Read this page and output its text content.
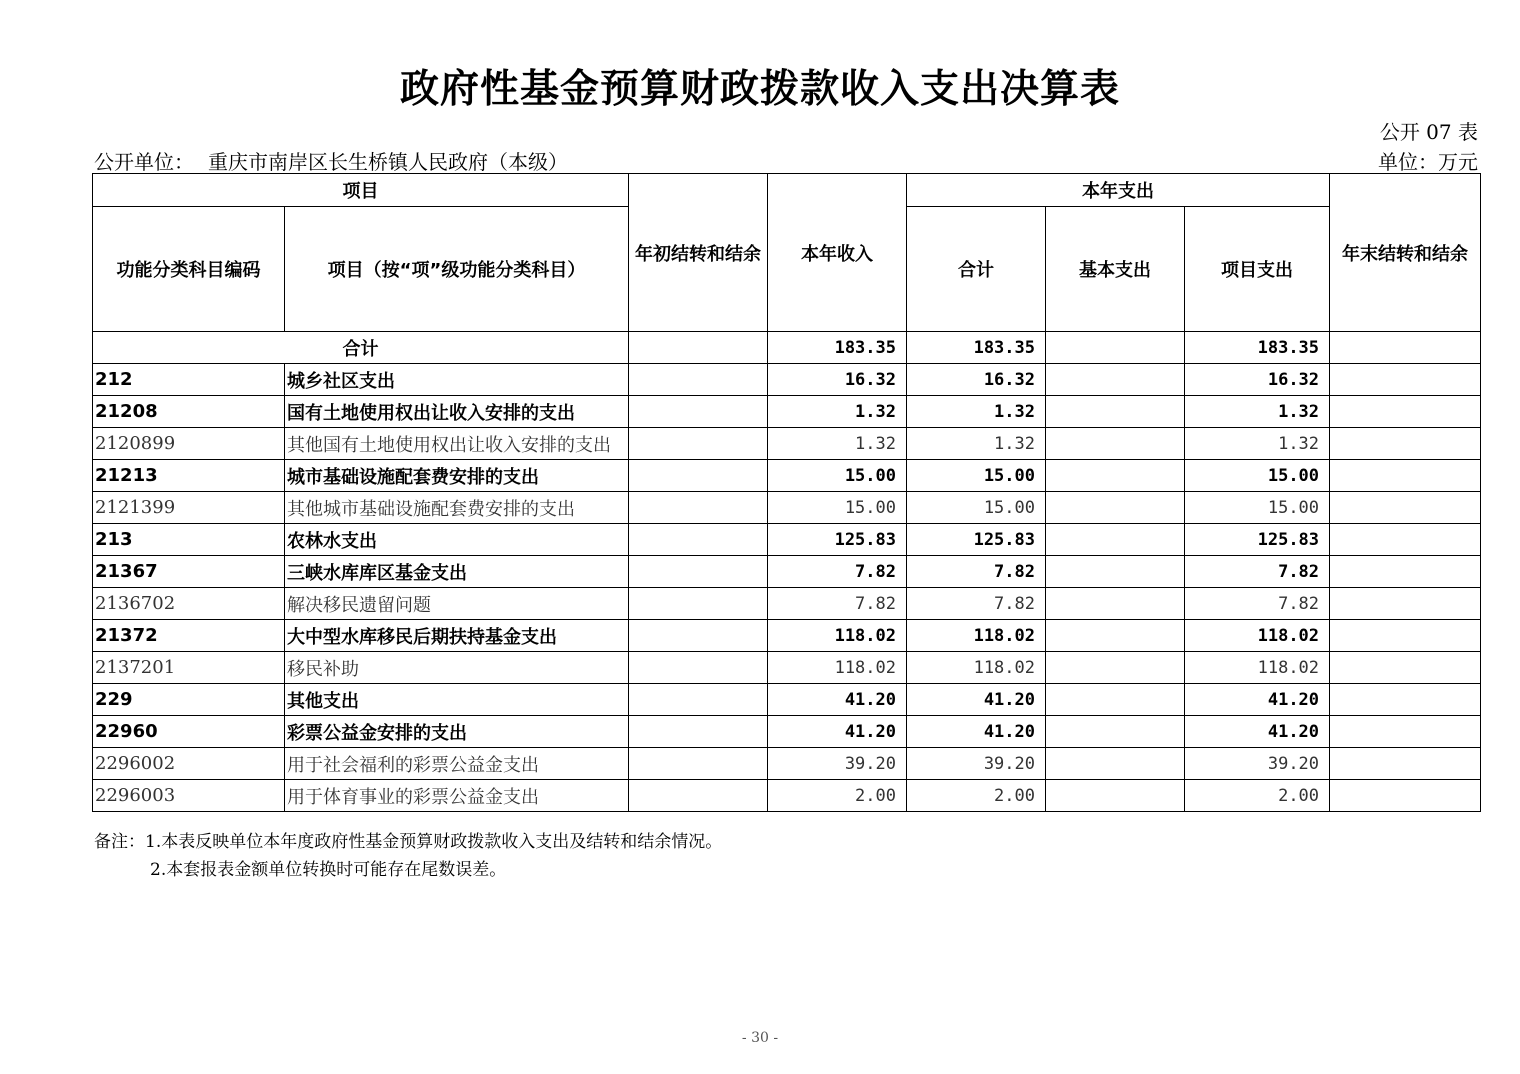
政府性基金预算财政拨款收入支出决算表
公开 07 表
公开单位： 重庆市南岸区长生桥镇人民政府（本级）	单位：万元
项目		年初结转和结余	本年收入	本年支出			年末结转和结余
功能分类科目编码	项目（按“项”级功能分类科目）			合计	基本支出	项目支出	
合计			183.35	183.35		183.35	
212	城乡社区支出		16.32	16.32		16.32	
21208	国有土地使用权出让收入安排的支出		1.32	1.32		1.32	
2120899	其他国有土地使用权出让收入安排的支出		1.32	1.32		1.32	
21213	城市基础设施配套费安排的支出		15.00	15.00		15.00	
2121399	其他城市基础设施配套费安排的支出		15.00	15.00		15.00	
213	农林水支出		125.83	125.83		125.83	
21367	三峡水库库区基金支出		7.82	7.82		7.82	
2136702	解决移民遗留问题		7.82	7.82		7.82	
21372	大中型水库移民后期扶持基金支出		118.02	118.02		118.02	
2137201	移民补助		118.02	118.02		118.02	
229	其他支出		41.20	41.20		41.20	
22960	彩票公益金安排的支出		41.20	41.20		41.20	
2296002	用于社会福利的彩票公益金支出		39.20	39.20		39.20	
2296003	用于体育事业的彩票公益金支出		2.00	2.00		2.00	
备注：1.本表反映单位本年度政府性基金预算财政拨款收入支出及结转和结余情况。
2.本套报表金额单位转换时可能存在尾数误差。
- 30 -
